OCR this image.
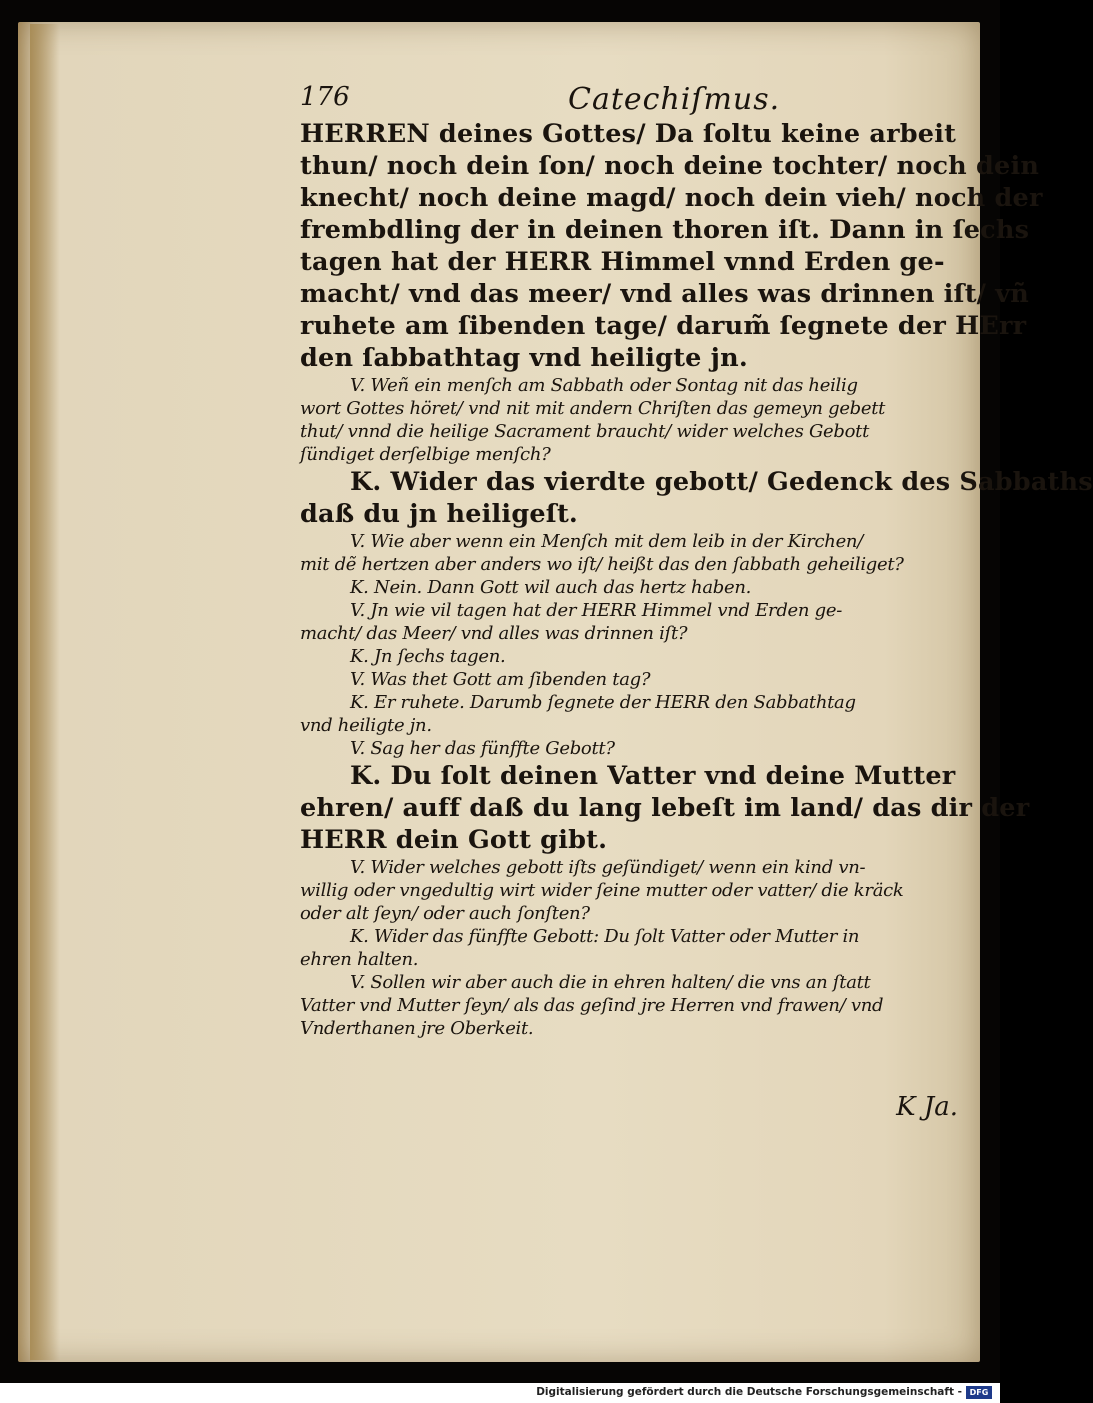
176	Catechiſmus.
HERREN deines Gottes/ Da ſoltu keine arbeit
thun/ noch dein ſon/ noch deine tochter/ noch dein
knecht/ noch deine magd/ noch dein vieh/ noch der
frembdling der in deinen thoren iſt. Dann in ſechs
tagen hat der HERR Himmel vnnd Erden ge-
macht/ vnd das meer/ vnd alles was drinnen iſt/ vñ
ruhete am ſibenden tage/ darum̃ ſegnete der HErr
den ſabbathtag vnd heiligte jn.
V. Weñ ein menſch am Sabbath oder Sontag nit das heilig
wort Gottes höret/ vnd nit mit andern Chriſten das gemeyn gebett
thut/ vnnd die heilige Sacrament braucht/ wider welches Gebott
ſündiget derſelbige menſch?
K. Wider das vierdte gebott/ Gedenck des Sabbaths
daß du jn heiligeſt.
V. Wie aber wenn ein Menſch mit dem leib in der Kirchen/
mit dẽ hertzen aber anders wo iſt/ heißt das den ſabbath geheiliget?
K. Nein. Dann Gott wil auch das hertz haben.
V. Jn wie vil tagen hat der HERR Himmel vnd Erden ge-
macht/ das Meer/ vnd alles was drinnen iſt?
K. Jn ſechs tagen.
V. Was thet Gott am ſibenden tag?
K. Er ruhete. Darumb ſegnete der HERR den Sabbathtag
vnd heiligte jn.
V. Sag her das fünffte Gebott?
K. Du ſolt deinen Vatter vnd deine Mutter
ehren/ auff daß du lang lebeſt im land/ das dir der
HERR dein Gott gibt.
V. Wider welches gebott iſts geſündiget/ wenn ein kind vn-
willig oder vngedultig wirt wider ſeine mutter oder vatter/ die kräck
oder alt ſeyn/ oder auch ſonſten?
K. Wider das fünffte Gebott: Du ſolt Vatter oder Mutter in
ehren halten.
V. Sollen wir aber auch die in ehren halten/ die vns an ſtatt
Vatter vnd Mutter ſeyn/ als das geſind jre Herren vnd frawen/ vnd
Vnderthanen jre Oberkeit.
K Ja.
Digitalisierung gefördert durch die Deutsche Forschungsgemeinschaft - DFG
